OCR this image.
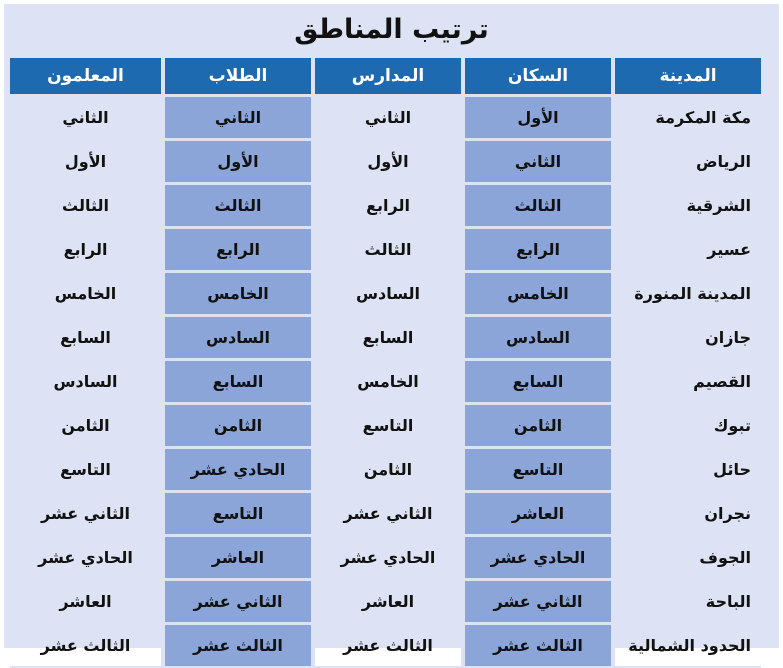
ترتيب المناطق
المدينة	السكان	المدارس	الطلاب	المعلمون
مكة المكرمة	الأول	الثاني	الثاني	الثاني
الرياض	الثاني	الأول	الأول	الأول
الشرقية	الثالث	الرابع	الثالث	الثالث
عسير	الرابع	الثالث	الرابع	الرابع
المدينة المنورة	الخامس	السادس	الخامس	الخامس
جازان	السادس	السابع	السادس	السابع
القصيم	السابع	الخامس	السابع	السادس
تبوك	الثامن	التاسع	الثامن	الثامن
حائل	التاسع	الثامن	الحادي عشر	التاسع
نجران	العاشر	الثاني عشر	التاسع	الثاني عشر
الجوف	الحادي عشر	الحادي عشر	العاشر	الحادي عشر
الباحة	الثاني عشر	العاشر	الثاني عشر	العاشر
الحدود الشمالية	الثالث عشر	الثالث عشر	الثالث عشر	الثالث عشر
